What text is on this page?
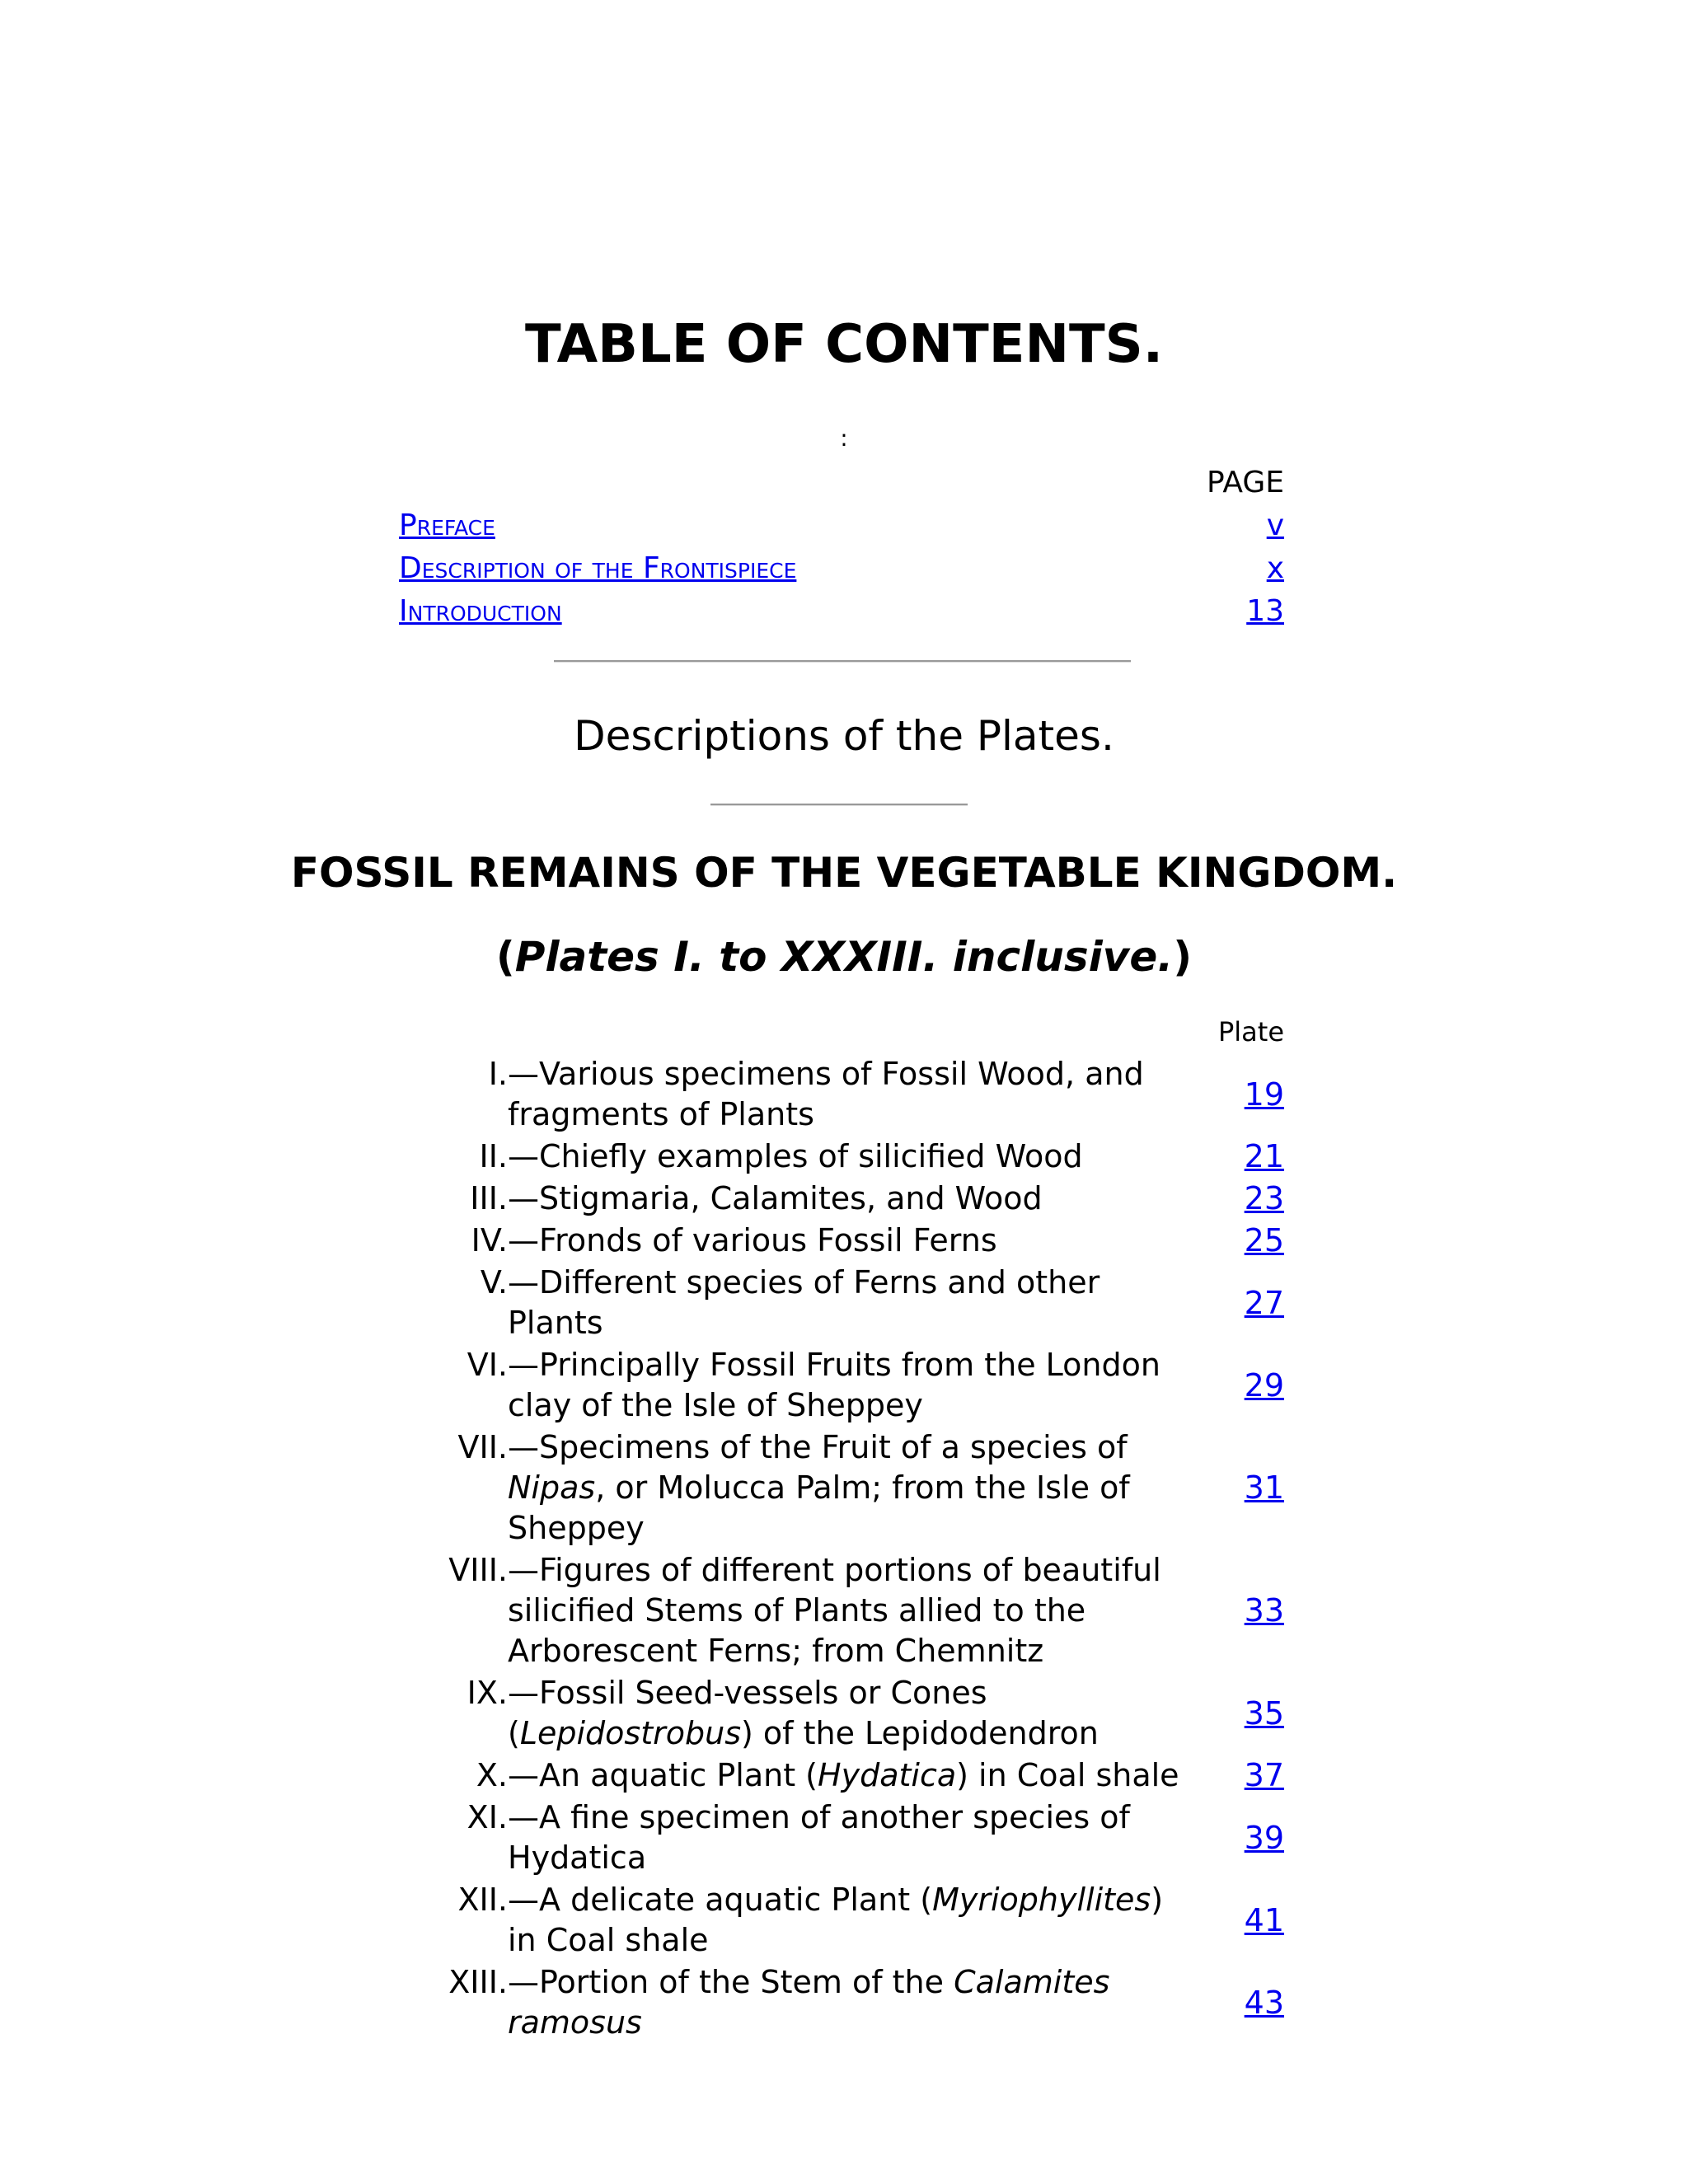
TABLE OF CONTENTS.
:
	PAGE
Preface	v
Description of the Frontispiece	x
Introduction	13
Descriptions of the Plates.
FOSSIL REMAINS OF THE VEGETABLE KINGDOM.
(Plates I. to XXXIII. inclusive.)
		Plate
I.	—Various specimens of Fossil Wood, and fragments of Plants	19
II.	—Chiefly examples of silicified Wood	21
III.	—Stigmaria, Calamites, and Wood	23
IV.	—Fronds of various Fossil Ferns	25
V.	—Different species of Ferns and other Plants	27
VI.	—Principally Fossil Fruits from the London clay of the Isle of Sheppey	29
VII.	—Specimens of the Fruit of a species of Nipas, or Molucca Palm; from the Isle of Sheppey	31
VIII.	—Figures of different portions of beautiful silicified Stems of Plants allied to the Arborescent Ferns; from Chemnitz	33
IX.	—Fossil Seed-vessels or Cones (Lepidostrobus) of the Lepidodendron	35
X.	—An aquatic Plant (Hydatica) in Coal shale	37
XI.	—A fine specimen of another species of Hydatica	39
XII.	—A delicate aquatic Plant (Myriophyllites) in Coal shale	41
XIII.	—Portion of the Stem of the Calamites ramosus	43
